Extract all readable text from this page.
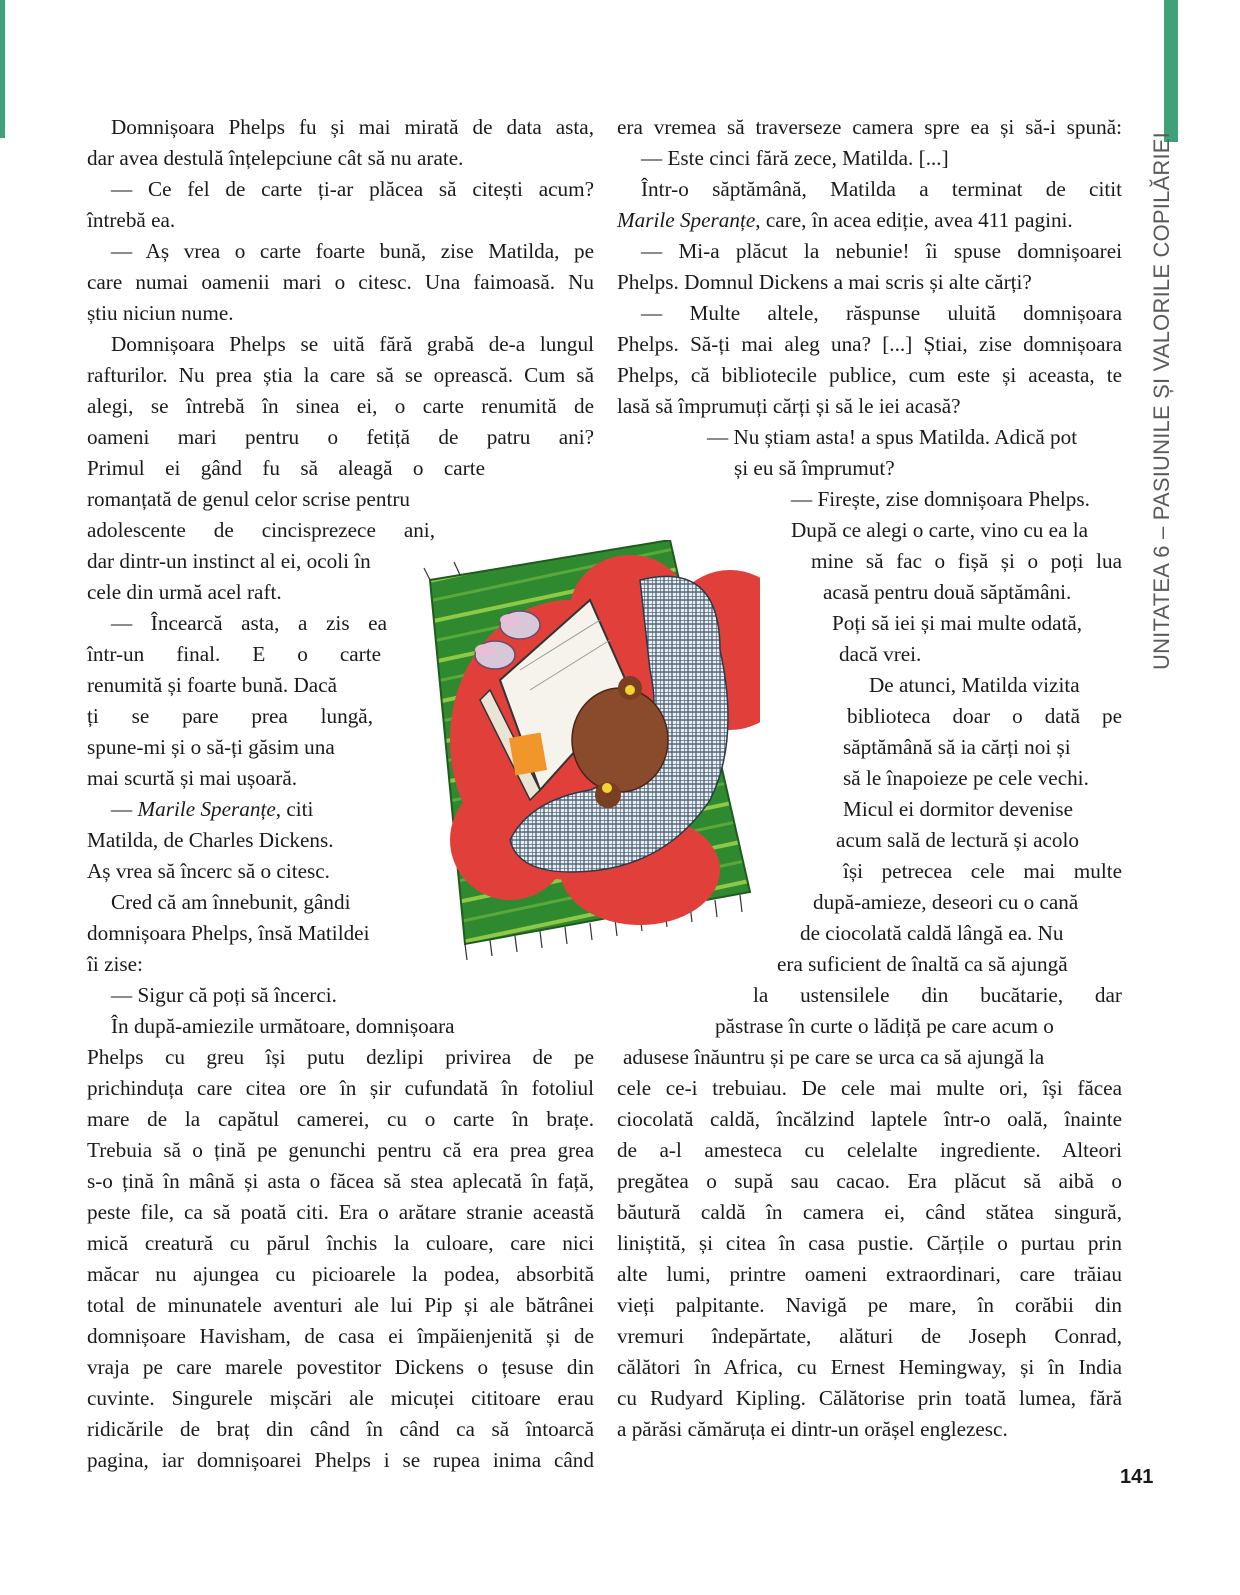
UNITATEA 6 – PASIUNILE ȘI VALORILE COPILĂRIEI

Domnișoara Phelps fu și mai mirată de data asta,

dar avea destulă înțelepciune cât să nu arate.

— Ce fel de carte ți-ar plăcea să citești acum?

întrebă ea.

— Aș vrea o carte foarte bună, zise Matilda, pe

care numai oamenii mari o citesc. Una faimoasă. Nu

știu niciun nume.

Domnișoara Phelps se uită fără grabă de-a lungul

rafturilor. Nu prea știa la care să se oprească. Cum să

alegi, se întrebă în sinea ei, o carte renumită de

oameni mari pentru o fetiță de patru ani?

Primul ei gând fu să aleagă o carte

romanțată de genul celor scrise pentru

adolescente de cincisprezece ani,

dar dintr-un instinct al ei, ocoli în

cele din urmă acel raft.

— Încearcă asta, a zis ea

într-un final. E o carte

renumită și foarte bună. Dacă

ți se pare prea lungă,

spune-mi și o să-ți găsim una

mai scurtă și mai ușoară.

— Marile Speranțe, citi

Matilda, de Charles Dickens.

Aș vrea să încerc să o citesc.

Cred că am înnebunit, gândi

domnișoara Phelps, însă Matildei

îi zise:

— Sigur că poți să încerci.

În după-amiezile următoare, domnișoara

Phelps cu greu își putu dezlipi privirea de pe

prichinduța care citea ore în șir cufundată în fotoliul

mare de la capătul camerei, cu o carte în brațe.

Trebuia să o țină pe genunchi pentru că era prea grea

s-o țină în mână și asta o făcea să stea aplecată în față,

peste file, ca să poată citi. Era o arătare stranie această

mică creatură cu părul închis la culoare, care nici

măcar nu ajungea cu picioarele la podea, absorbită

total de minunatele aventuri ale lui Pip și ale bătrânei

domnișoare Havisham, de casa ei împăienjenită și de

vraja pe care marele povestitor Dickens o țesuse din

cuvinte. Singurele mișcări ale micuței cititoare erau

ridicările de braț din când în când ca să întoarcă

pagina, iar domnișoarei Phelps i se rupea inima când

era vremea să traverseze camera spre ea și să-i spună:

— Este cinci fără zece, Matilda. [...]

Într-o săptămână, Matilda a terminat de citit

Marile Speranțe, care, în acea ediție, avea 411 pagini.

— Mi-a plăcut la nebunie! îi spuse domnișoarei

Phelps. Domnul Dickens a mai scris și alte cărți?

— Multe altele, răspunse uluită domnișoara

Phelps. Să-ți mai aleg una? [...] Știai, zise domnișoara

Phelps, că bibliotecile publice, cum este și aceasta, te

lasă să împrumuți cărți și să le iei acasă?

— Nu știam asta! a spus Matilda. Adică pot

și eu să împrumut?

— Firește, zise domnișoara Phelps.

După ce alegi o carte, vino cu ea la

mine să fac o fișă și o poți lua

acasă pentru două săptămâni.

Poți să iei și mai multe odată,

dacă vrei.

De atunci, Matilda vizita

biblioteca doar o dată pe

săptămână să ia cărți noi și

să le înapoieze pe cele vechi.

Micul ei dormitor devenise

acum sală de lectură și acolo

își petrecea cele mai multe

după-amieze, deseori cu o cană

de ciocolată caldă lângă ea. Nu

era suficient de înaltă ca să ajungă

la ustensilele din bucătarie, dar

păstrase în curte o lădiță pe care acum o

adusese înăuntru și pe care se urca ca să ajungă la

cele ce-i trebuiau. De cele mai multe ori, își făcea

ciocolată caldă, încălzind laptele într-o oală, înainte

de a-l amesteca cu celelalte ingrediente. Alteori

pregătea o supă sau cacao. Era plăcut să aibă o

băutură caldă în camera ei, când stătea singură,

liniștită, și citea în casa pustie. Cărțile o purtau prin

alte lumi, printre oameni extraordinari, care trăiau

vieți palpitante. Navigă pe mare, în corăbii din

vremuri îndepărtate, alături de Joseph Conrad,

călători în Africa, cu Ernest Hemingway, și în India

cu Rudyard Kipling. Călătorise prin toată lumea, fără

a părăsi cămăruța ei dintr-un orășel englezesc.

141
